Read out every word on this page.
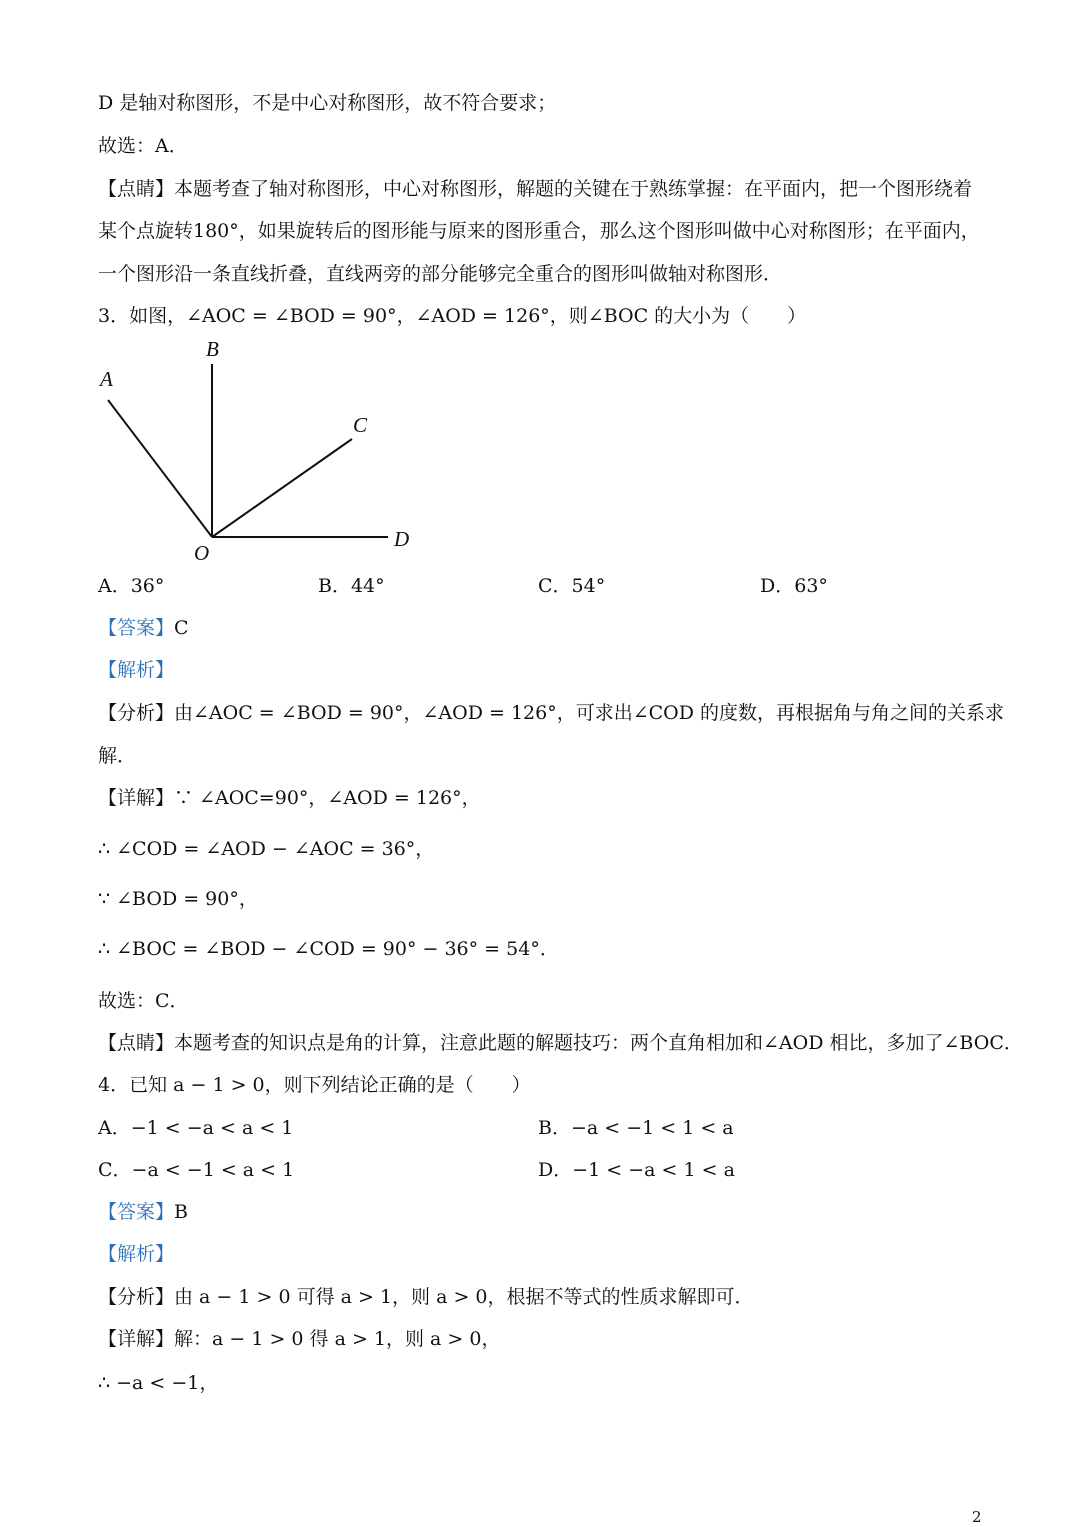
D 是轴对称图形，不是中心对称图形，故不符合要求；
故选：A．
【点睛】本题考查了轴对称图形，中心对称图形，解题的关键在于熟练掌握：在平面内，把一个图形绕着
某个点旋转180°，如果旋转后的图形能与原来的图形重合，那么这个图形叫做中心对称图形；在平面内，
一个图形沿一条直线折叠，直线两旁的部分能够完全重合的图形叫做轴对称图形．
3．如图，∠AOC = ∠BOD = 90°，∠AOD = 126°，则∠BOC 的大小为（　　）
A
B
C
D
O
A．36°	B．44°	C．54°	D．63°
【答案】C
【解析】
【分析】由∠AOC = ∠BOD = 90°，∠AOD = 126°，可求出∠COD 的度数，再根据角与角之间的关系求
解．
【详解】∵ ∠AOC=90°，∠AOD = 126°，
∴ ∠COD = ∠AOD − ∠AOC = 36°，
∵ ∠BOD = 90°，
∴ ∠BOC = ∠BOD − ∠COD = 90° − 36° = 54°．
故选：C．
【点睛】本题考查的知识点是角的计算，注意此题的解题技巧：两个直角相加和∠AOD 相比，多加了∠BOC．
4．已知 a − 1 > 0，则下列结论正确的是（　　）
A．−1 < −a < a < 1	B．−a < −1 < 1 < a
C．−a < −1 < a < 1	D．−1 < −a < 1 < a
【答案】B
【解析】
【分析】由 a − 1 > 0 可得 a > 1，则 a > 0，根据不等式的性质求解即可．
【详解】解：a − 1 > 0 得 a > 1，则 a > 0，
∴ −a < −1，
2
